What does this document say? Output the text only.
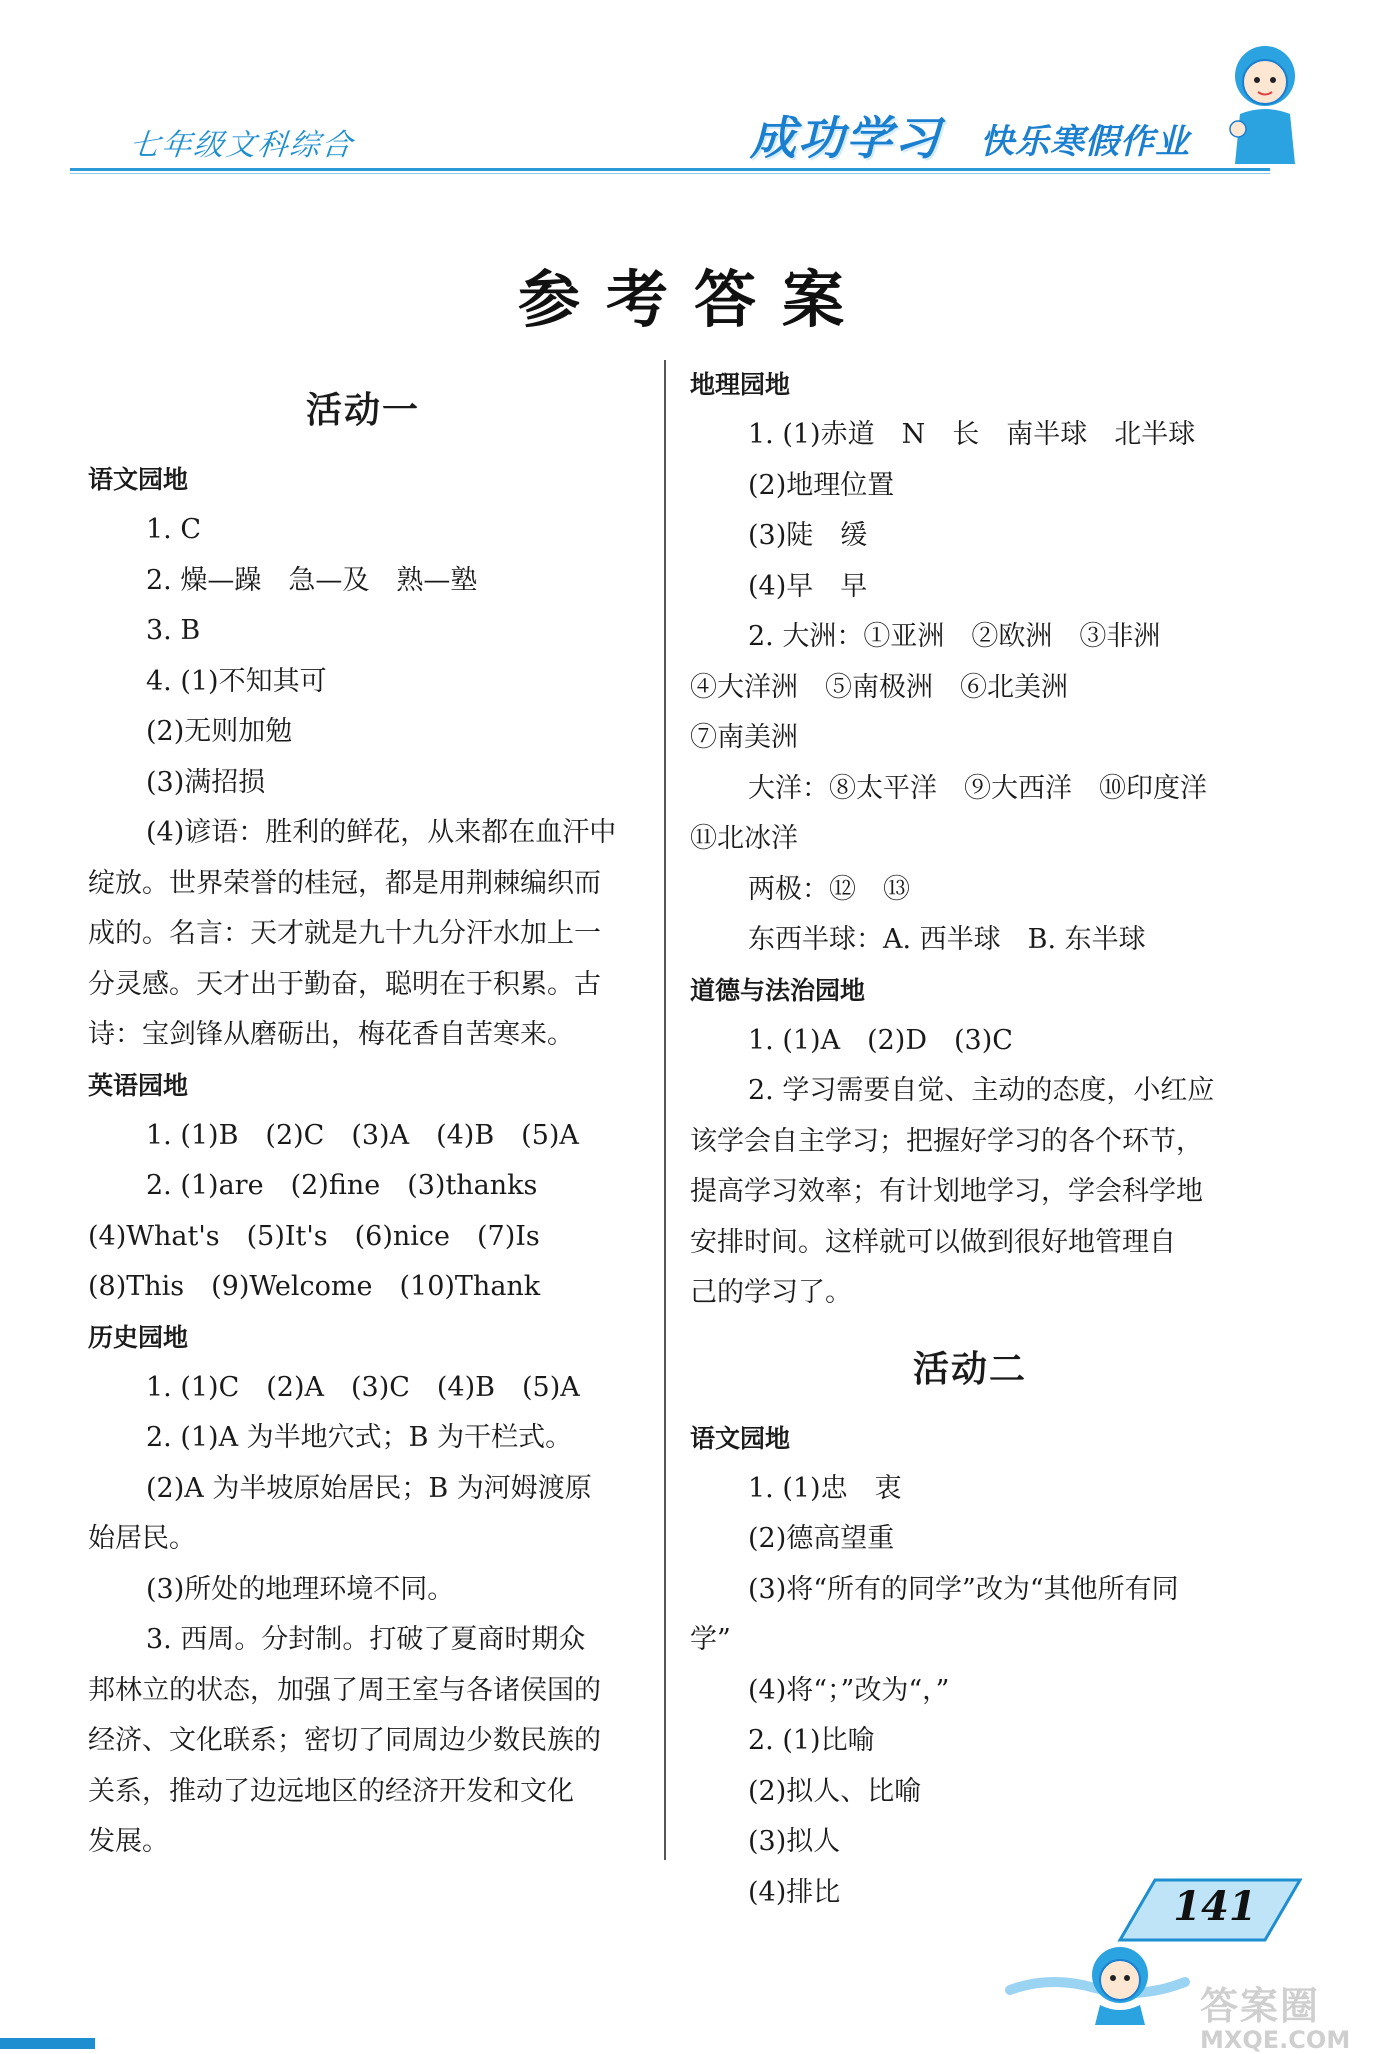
七年级文科综合	成功学习 快乐寒假作业
参考答案
活动一
语文园地
1. C
2. 燥—躁　急—及　熟—塾
3. B
4. (1)不知其可
(2)无则加勉
(3)满招损
(4)谚语：胜利的鲜花，从来都在血汗中
绽放。世界荣誉的桂冠，都是用荆棘编织而
成的。名言：天才就是九十九分汗水加上一
分灵感。天才出于勤奋，聪明在于积累。古
诗：宝剑锋从磨砺出，梅花香自苦寒来。
英语园地
1. (1)B　(2)C　(3)A　(4)B　(5)A
2. (1)are　(2)fine　(3)thanks
(4)What's　(5)It's　(6)nice　(7)Is
(8)This　(9)Welcome　(10)Thank
历史园地
1. (1)C　(2)A　(3)C　(4)B　(5)A
2. (1)A 为半地穴式；B 为干栏式。
(2)A 为半坡原始居民；B 为河姆渡原
始居民。
(3)所处的地理环境不同。
3. 西周。分封制。打破了夏商时期众
邦林立的状态，加强了周王室与各诸侯国的
经济、文化联系；密切了同周边少数民族的
关系，推动了边远地区的经济开发和文化
发展。
地理园地
1. (1)赤道　N　长　南半球　北半球
(2)地理位置
(3)陡　缓
(4)早　早
2. 大洲：①亚洲　②欧洲　③非洲
④大洋洲　⑤南极洲　⑥北美洲
⑦南美洲
大洋：⑧太平洋　⑨大西洋　⑩印度洋
⑪北冰洋
两极：⑫　⑬
东西半球：A. 西半球　B. 东半球
道德与法治园地
1. (1)A　(2)D　(3)C
2. 学习需要自觉、主动的态度，小红应
该学会自主学习；把握好学习的各个环节，
提高学习效率；有计划地学习，学会科学地
安排时间。这样就可以做到很好地管理自
己的学习了。
活动二
语文园地
1. (1)忠　衷
(2)德高望重
(3)将“所有的同学”改为“其他所有同
学”
(4)将“；”改为“，”
2. (1)比喻
(2)拟人、比喻
(3)拟人
(4)排比	141
答案圈
MXQE.COM
